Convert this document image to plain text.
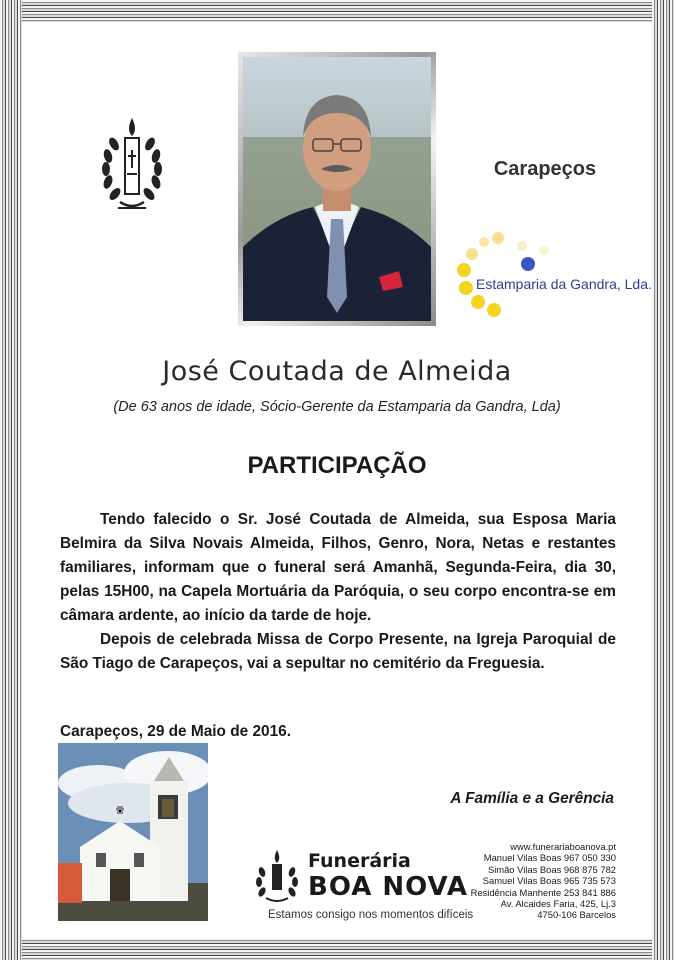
Carapeços
Estamparia da Gandra, Lda.
José Coutada de Almeida
(De 63 anos de idade, Sócio-Gerente da Estamparia da Gandra, Lda)
PARTICIPAÇÃO

Tendo falecido o Sr. José Coutada de Almeida, sua Esposa Maria Belmira da Silva Novais Almeida, Filhos, Genro, Nora, Netas e restantes familiares, informam que o funeral será Amanhã, Segunda-Feira, dia 30, pelas 15H00, na Capela Mortuária da Paróquia, o seu corpo encontra-se em câmara ardente, ao início da tarde de hoje.

Depois de celebrada Missa de Corpo Presente, na Igreja Paroquial de São Tiago de Carapeços, vai a sepultar no cemitério da Freguesia.

Carapeços, 29 de Maio de 2016.
A Família e a Gerência
Funerária
BOA NOVA
Estamos consigo nos momentos difíceis
www.funerariaboanova.pt
Manuel Vilas Boas 967 050 330
Simão Vilas Boas 968 875 782
Samuel Vilas Boas 965 735 573
Residência Manhente 253 841 886
Av. Alcaides Faria, 425, Lj.3
4750-106 Barcelos
